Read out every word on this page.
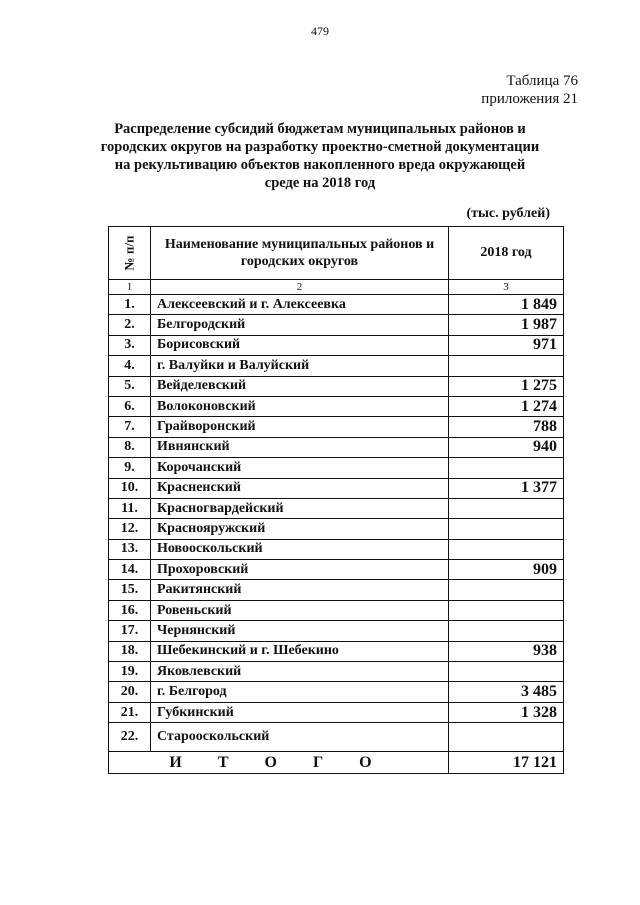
479
Таблица 76
приложения 21
Распределение субсидий бюджетам муниципальных районов и городских округов на разработку проектно-сметной документации на рекультивацию объектов накопленного вреда окружающей среде на 2018 год
(тыс. рублей)
№ п/п	Наименование муниципальных районов и городских округов	2018 год
1	2	3
1.	Алексеевский и г. Алексеевка	1 849
2.	Белгородский	1 987
3.	Борисовский	971
4.	г. Валуйки и Валуйский	
5.	Вейделевский	1 275
6.	Волоконовский	1 274
7.	Грайворонский	788
8.	Ивнянский	940
9.	Корочанский	
10.	Красненский	1 377
11.	Красногвардейский	
12.	Краснояружский	
13.	Новооскольский	
14.	Прохоровский	909
15.	Ракитянский	
16.	Ровеньский	
17.	Чернянский	
18.	Шебекинский и г. Шебекино	938
19.	Яковлевский	
20.	г. Белгород	3 485
21.	Губкинский	1 328
22.	Старооскольский	
И Т О Г О		17 121
